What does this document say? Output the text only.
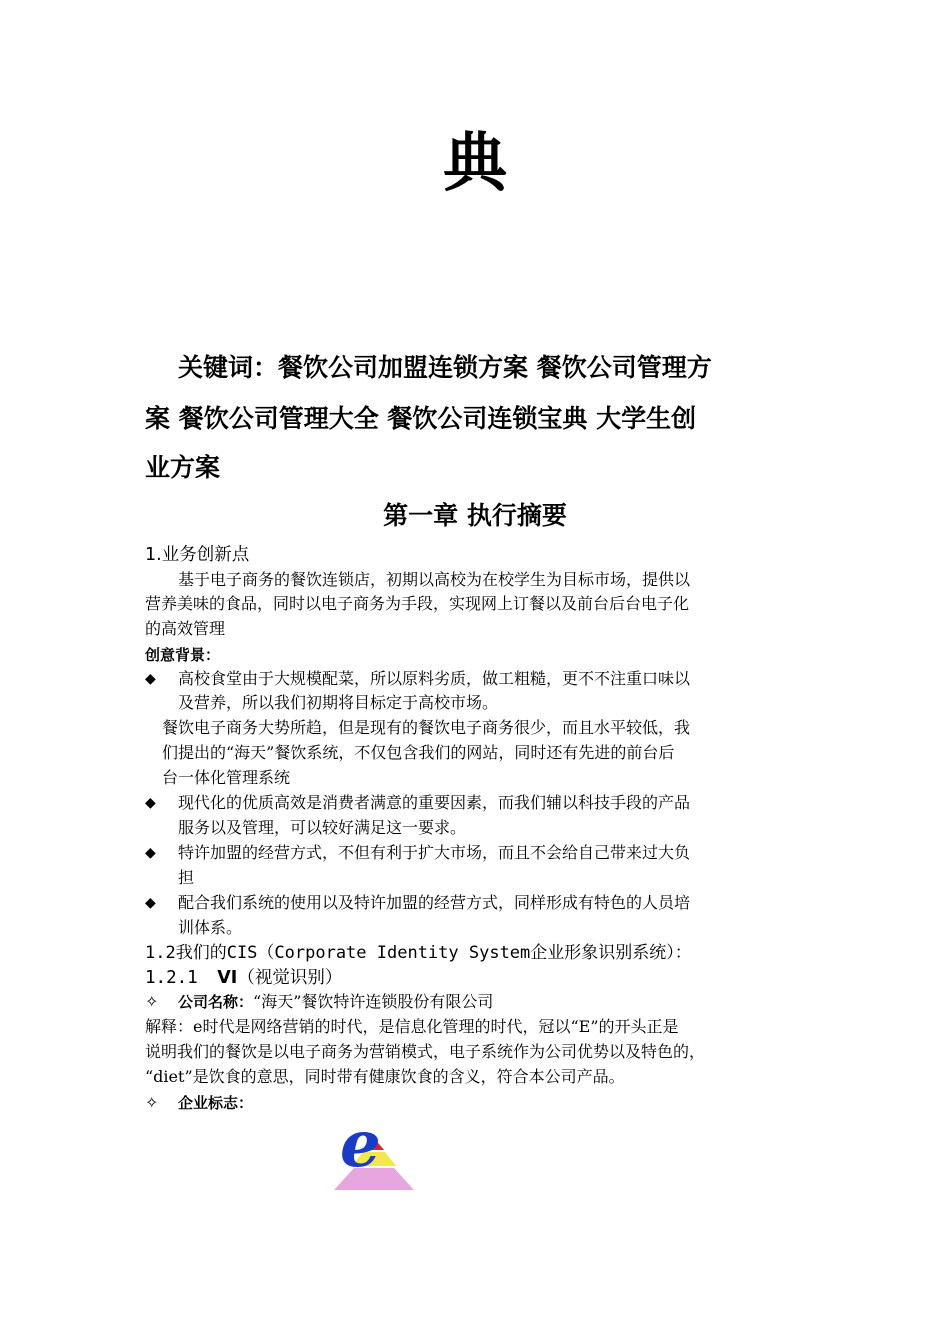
典
关键词：餐饮公司加盟连锁方案 餐饮公司管理方
案 餐饮公司管理大全 餐饮公司连锁宝典 大学生创
业方案
第一章 执行摘要
1.业务创新点
基于电子商务的餐饮连锁店，初期以高校为在校学生为目标市场，提供以
营养美味的食品，同时以电子商务为手段，实现网上订餐以及前台后台电子化
的高效管理
创意背景：
◆ 高校食堂由于大规模配菜，所以原料劣质，做工粗糙，更不不注重口味以
及营养，所以我们初期将目标定于高校市场。
餐饮电子商务大势所趋，但是现有的餐饮电子商务很少，而且水平较低，我
们提出的“海天”餐饮系统，不仅包含我们的网站，同时还有先进的前台后
台一体化管理系统
◆ 现代化的优质高效是消费者满意的重要因素，而我们辅以科技手段的产品
服务以及管理，可以较好满足这一要求。
◆ 特许加盟的经营方式，不但有利于扩大市场，而且不会给自己带来过大负
担
◆ 配合我们系统的使用以及特许加盟的经营方式，同样形成有特色的人员培
训体系。
1.2我们的CIS（Corporate Identity System企业形象识别系统）：
1.2.1 VI（视觉识别）
✧ 公司名称：“海天”餐饮特许连锁股份有限公司
解释：e时代是网络营销的时代，是信息化管理的时代，冠以“E”的开头正是
说明我们的餐饮是以电子商务为营销模式，电子系统作为公司优势以及特色的，
“diet”是饮食的意思，同时带有健康饮食的含义，符合本公司产品。
✧ 企业标志：
e
